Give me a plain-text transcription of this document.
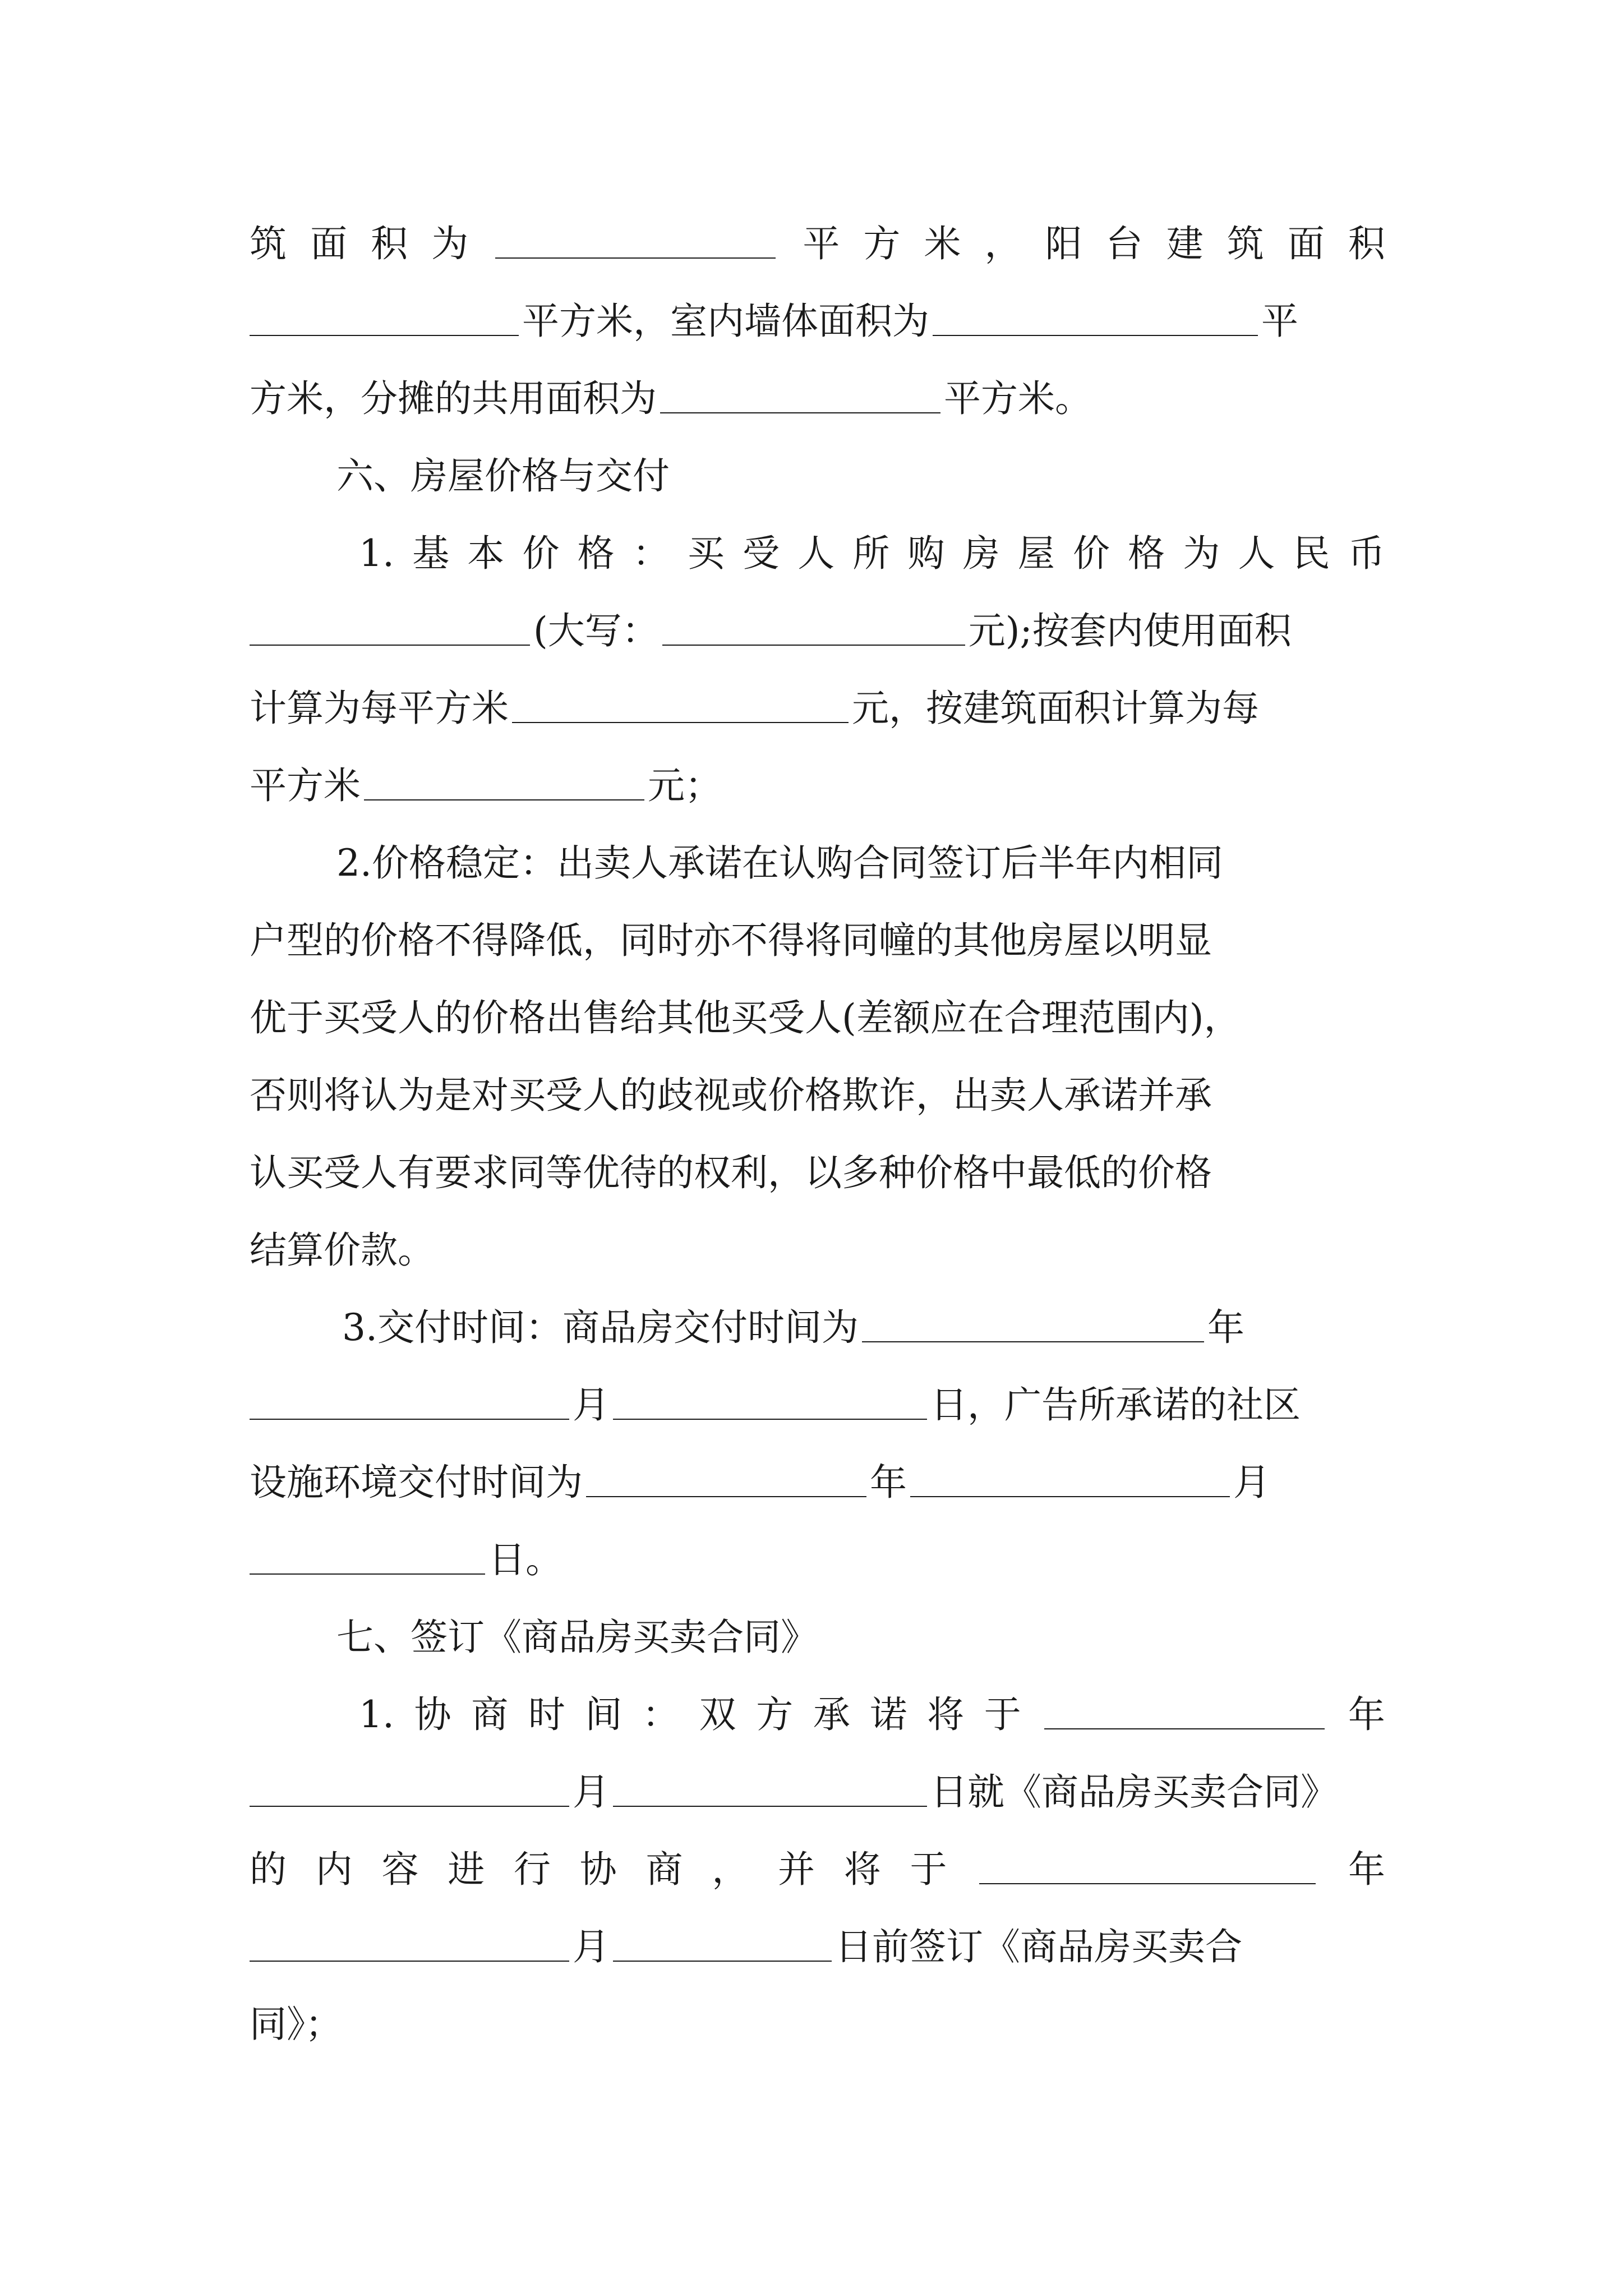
筑 面 积 为	平 方 米 ， 阳 台 建 筑 面 积
平方米，室内墙体面积为	平
方米，分摊的共用面积为	平方米。
六、房屋价格与交付
1. 基 本 价 格 ： 买 受 人 所 购 房 屋 价 格 为 人 民 币
(大写：	元);按套内使用面积
计算为每平方米	元，按建筑面积计算为每
平方米	元；
2.价格稳定：出卖人承诺在认购合同签订后半年内相同
户型的价格不得降低，同时亦不得将同幢的其他房屋以明显
优于买受人的价格出售给其他买受人(差额应在合理范围内)，
否则将认为是对买受人的歧视或价格欺诈，出卖人承诺并承
认买受人有要求同等优待的权利，以多种价格中最低的价格
结算价款。
3.交付时间：商品房交付时间为	年
月	日，广告所承诺的社区
设施环境交付时间为	年	月
日。
七、签订《商品房买卖合同》
1. 协 商 时 间 ： 双 方 承 诺 将 于	年
月	日就《商品房买卖合同》
的 内 容 进 行 协 商 ， 并 将 于	年
月	日前签订《商品房买卖合
同》；
